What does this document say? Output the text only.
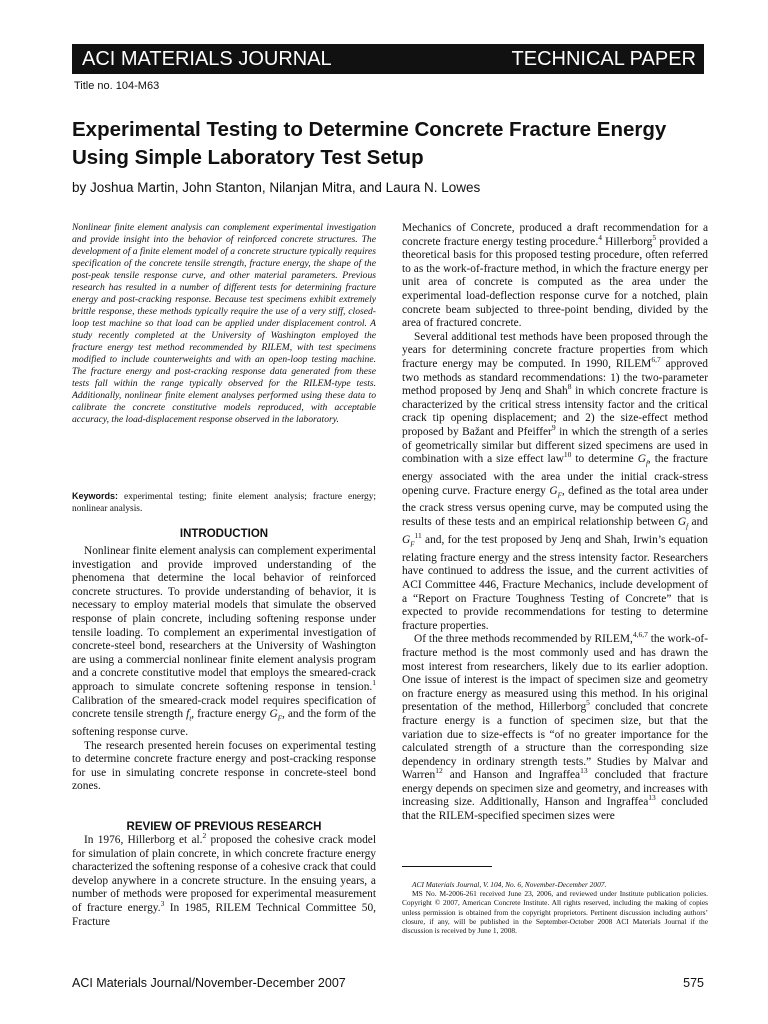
ACI MATERIALS JOURNAL	TECHNICAL PAPER
Title no. 104-M63
Experimental Testing to Determine Concrete Fracture Energy Using Simple Laboratory Test Setup
by Joshua Martin, John Stanton, Nilanjan Mitra, and Laura N. Lowes
Nonlinear finite element analysis can complement experimental investigation and provide insight into the behavior of reinforced concrete structures. The development of a finite element model of a concrete structure typically requires specification of the concrete tensile strength, fracture energy, the shape of the post-peak tensile response curve, and other material parameters. Previous research has resulted in a number of different tests for determining fracture energy and post-cracking response. Because test specimens exhibit extremely brittle response, these methods typically require the use of a very stiff, closed-loop test machine so that load can be applied under displacement control. A study recently completed at the University of Washington employed the fracture energy test method recommended by RILEM, with test specimens modified to include counterweights and with an open-loop testing machine. The fracture energy and post-cracking response data generated from these tests fall within the range typically observed for the RILEM-type tests. Additionally, nonlinear finite element analyses performed using these data to calibrate the concrete constitutive models reproduced, with acceptable accuracy, the load-displacement response observed in the laboratory.
Keywords: experimental testing; finite element analysis; fracture energy; nonlinear analysis.
INTRODUCTION

Nonlinear finite element analysis can complement experimental investigation and provide improved understanding of the phenomena that determine the local behavior of reinforced concrete structures. To provide understanding of behavior, it is necessary to employ material models that simulate the observed response of plain concrete, including softening response under tensile loading. To complement an experimental investigation of concrete-steel bond, researchers at the University of Washington are using a commercial nonlinear finite element analysis program and a concrete constitutive model that employs the smeared-crack approach to simulate concrete softening response in tension.$^1$ Calibration of the smeared-crack model requires specification of concrete tensile strength $f_t$, fracture energy $G_F$, and the form of the softening response curve.

The research presented herein focuses on experimental testing to determine concrete fracture energy and post-cracking response for use in simulating concrete response in concrete-steel bond zones.

REVIEW OF PREVIOUS RESEARCH

In 1976, Hillerborg et al.$^2$ proposed the cohesive crack model for simulation of plain concrete, in which concrete fracture energy characterized the softening response of a cohesive crack that could develop anywhere in a concrete structure. In the ensuing years, a number of methods were proposed for experimental measurement of fracture energy.$^3$ In 1985, RILEM Technical Committee 50, Fracture

Mechanics of Concrete, produced a draft recommendation for a concrete fracture energy testing procedure.$^4$ Hillerborg$^5$ provided a theoretical basis for this proposed testing procedure, often referred to as the work-of-fracture method, in which the fracture energy per unit area of concrete is computed as the area under the experimental load-deflection response curve for a notched, plain concrete beam subjected to three-point bending, divided by the area of fractured concrete.

Several additional test methods have been proposed through the years for determining concrete fracture properties from which fracture energy may be computed. In 1990, RILEM$^{6,7}$ approved two methods as standard recommendations: 1) the two-parameter method proposed by Jenq and Shah$^8$ in which concrete fracture is characterized by the critical stress intensity factor and the critical crack tip opening displacement; and 2) the size-effect method proposed by Bažant and Pfeiffer$^9$ in which the strength of a series of geometrically similar but different sized specimens are used in combination with a size effect law$^{10}$ to determine $G_f$, the fracture energy associated with the area under the initial crack-stress opening curve. Fracture energy $G_F$, defined as the total area under the crack stress versus opening curve, may be computed using the results of these tests and an empirical relationship between $G_f$ and $G_F^{11}$ and, for the test proposed by Jenq and Shah, Irwin’s equation relating fracture energy and the stress intensity factor. Researchers have continued to address the issue, and the current activities of ACI Committee 446, Fracture Mechanics, include development of a “Report on Fracture Toughness Testing of Concrete” that is expected to provide recommendations for testing to determine fracture properties.

Of the three methods recommended by RILEM,$^{4,6,7}$ the work-of-fracture method is the most commonly used and has drawn the most interest from researchers, likely due to its earlier adoption. One issue of interest is the impact of specimen size and geometry on fracture energy as measured using this method. In his original presentation of the method, Hillerborg$^5$ concluded that concrete fracture energy is a function of specimen size, but that the variation due to size-effects is “of no greater importance for the calculated strength of a structure than the corresponding size dependency in ordinary strength tests.” Studies by Malvar and Warren$^{12}$ and Hanson and Ingraffea$^{13}$ concluded that fracture energy depends on specimen size and geometry, and increases with increasing size. Additionally, Hanson and Ingraffea$^{13}$ concluded that the RILEM-specified specimen sizes were

ACI Materials Journal, V. 104, No. 6, November-December 2007.

MS No. M-2006-261 received June 23, 2006, and reviewed under Institute publication policies. Copyright © 2007, American Concrete Institute. All rights reserved, including the making of copies unless permission is obtained from the copyright proprietors. Pertinent discussion including authors’ closure, if any, will be published in the September-October 2008 ACI Materials Journal if the discussion is received by June 1, 2008.

ACI Materials Journal/November-December 2007	575
